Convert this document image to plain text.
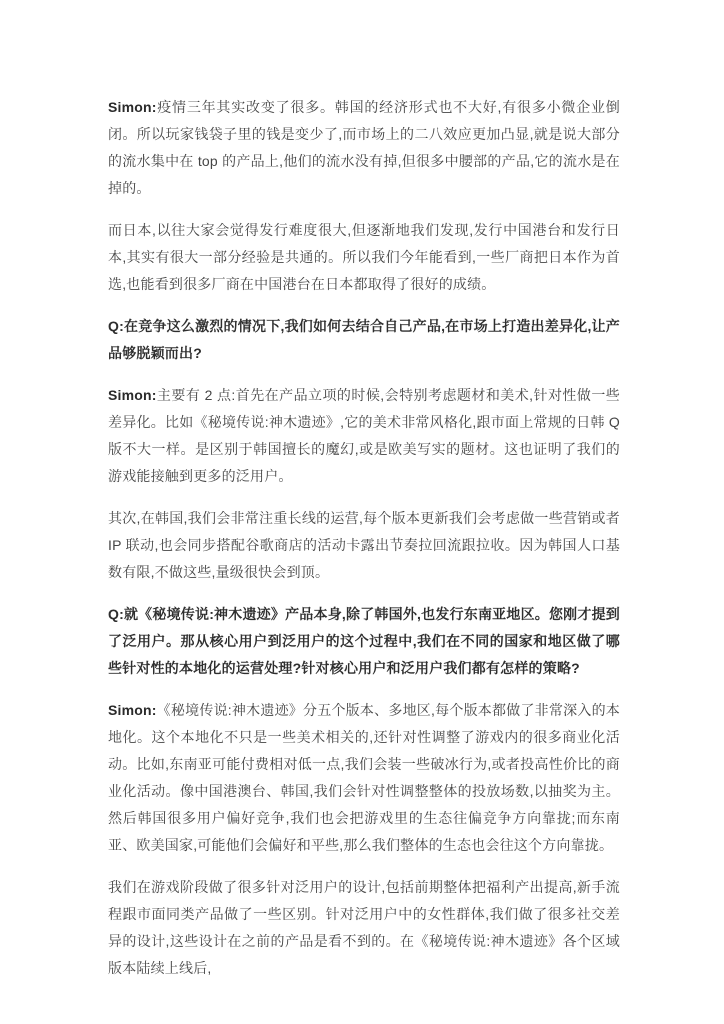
Simon:疫情三年其实改变了很多。韩国的经济形式也不大好,有很多小微企业倒闭。所以玩家钱袋子里的钱是变少了,而市场上的二八效应更加凸显,就是说大部分的流水集中在 top 的产品上,他们的流水没有掉,但很多中腰部的产品,它的流水是在掉的。

而日本,以往大家会觉得发行难度很大,但逐渐地我们发现,发行中国港台和发行日本,其实有很大一部分经验是共通的。所以我们今年能看到,一些厂商把日本作为首选,也能看到很多厂商在中国港台在日本都取得了很好的成绩。

Q:在竞争这么激烈的情况下,我们如何去结合自己产品,在市场上打造出差异化,让产品够脱颖而出?

Simon:主要有 2 点:首先在产品立项的时候,会特别考虑题材和美术,针对性做一些差异化。比如《秘境传说:神木遗迹》,它的美术非常风格化,跟市面上常规的日韩 Q 版不大一样。是区别于韩国擅长的魔幻,或是欧美写实的题材。这也证明了我们的游戏能接触到更多的泛用户。

其次,在韩国,我们会非常注重长线的运营,每个版本更新我们会考虑做一些营销或者 IP 联动,也会同步搭配谷歌商店的活动卡露出节奏拉回流跟拉收。因为韩国人口基数有限,不做这些,量级很快会到顶。

Q:就《秘境传说:神木遗迹》产品本身,除了韩国外,也发行东南亚地区。您刚才提到了泛用户。那从核心用户到泛用户的这个过程中,我们在不同的国家和地区做了哪些针对性的本地化的运营处理?针对核心用户和泛用户我们都有怎样的策略?

Simon:《秘境传说:神木遗迹》分五个版本、多地区,每个版本都做了非常深入的本地化。这个本地化不只是一些美术相关的,还针对性调整了游戏内的很多商业化活动。比如,东南亚可能付费相对低一点,我们会装一些破冰行为,或者投高性价比的商业化活动。像中国港澳台、韩国,我们会针对性调整整体的投放场数,以抽奖为主。然后韩国很多用户偏好竞争,我们也会把游戏里的生态往偏竞争方向靠拢;而东南亚、欧美国家,可能他们会偏好和平些,那么我们整体的生态也会往这个方向靠拢。

我们在游戏阶段做了很多针对泛用户的设计,包括前期整体把福利产出提高,新手流程跟市面同类产品做了一些区别。针对泛用户中的女性群体,我们做了很多社交差异的设计,这些设计在之前的产品是看不到的。在《秘境传说:神木遗迹》各个区域版本陆续上线后,
